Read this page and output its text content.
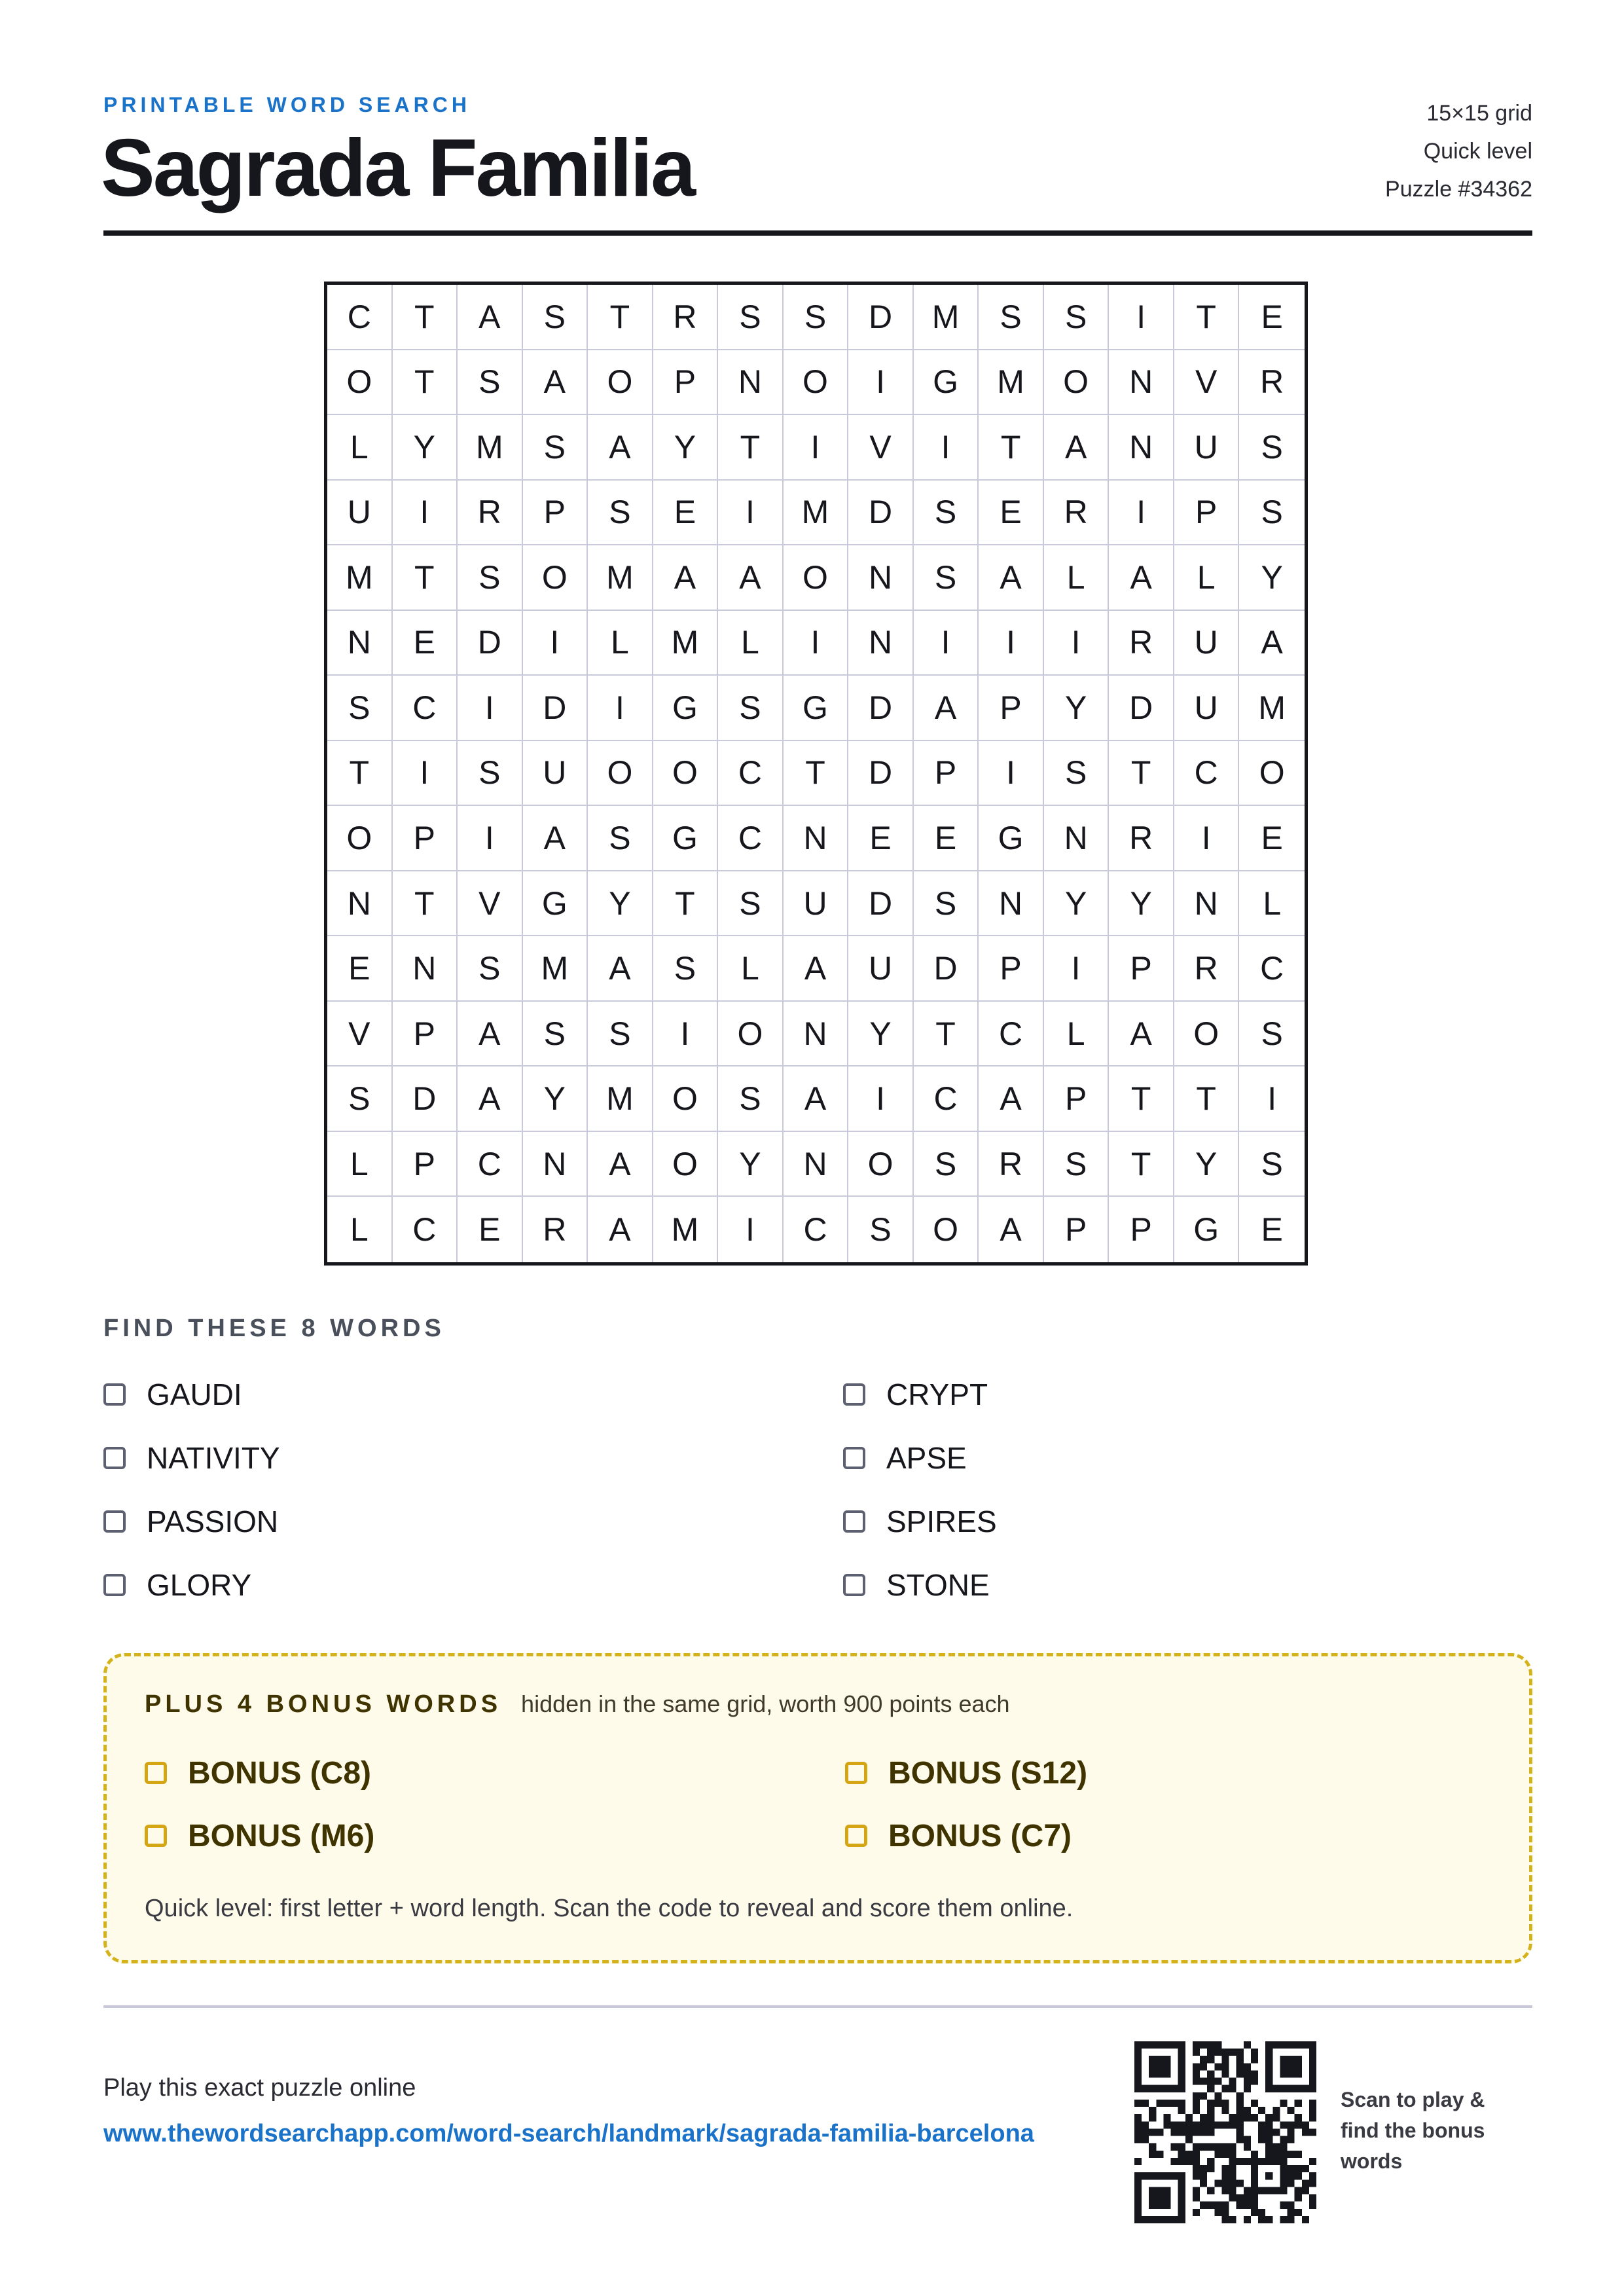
PRINTABLE WORD SEARCH
Sagrada Familia
15×15 grid
Quick level
Puzzle #34362
C	T	A	S	T	R	S	S	D	M	S	S	I	T	E
O	T	S	A	O	P	N	O	I	G	M	O	N	V	R
L	Y	M	S	A	Y	T	I	V	I	T	A	N	U	S
U	I	R	P	S	E	I	M	D	S	E	R	I	P	S
M	T	S	O	M	A	A	O	N	S	A	L	A	L	Y
N	E	D	I	L	M	L	I	N	I	I	I	R	U	A
S	C	I	D	I	G	S	G	D	A	P	Y	D	U	M
T	I	S	U	O	O	C	T	D	P	I	S	T	C	O
O	P	I	A	S	G	C	N	E	E	G	N	R	I	E
N	T	V	G	Y	T	S	U	D	S	N	Y	Y	N	L
E	N	S	M	A	S	L	A	U	D	P	I	P	R	C
V	P	A	S	S	I	O	N	Y	T	C	L	A	O	S
S	D	A	Y	M	O	S	A	I	C	A	P	T	T	I
L	P	C	N	A	O	Y	N	O	S	R	S	T	Y	S
L	C	E	R	A	M	I	C	S	O	A	P	P	G	E
FIND THESE 8 WORDS
GAUDI	CRYPT
NATIVITY	APSE
PASSION	SPIRES
GLORY	STONE
PLUS 4 BONUS WORDS hidden in the same grid, worth 900 points each
BONUS (C8)	BONUS (S12)
BONUS (M6)	BONUS (C7)
Quick level: first letter + word length. Scan the code to reveal and score them online.
Play this exact puzzle online
www.thewordsearchapp.com/word-search/landmark/sagrada-familia-barcelona
Scan to play & find the bonus words
